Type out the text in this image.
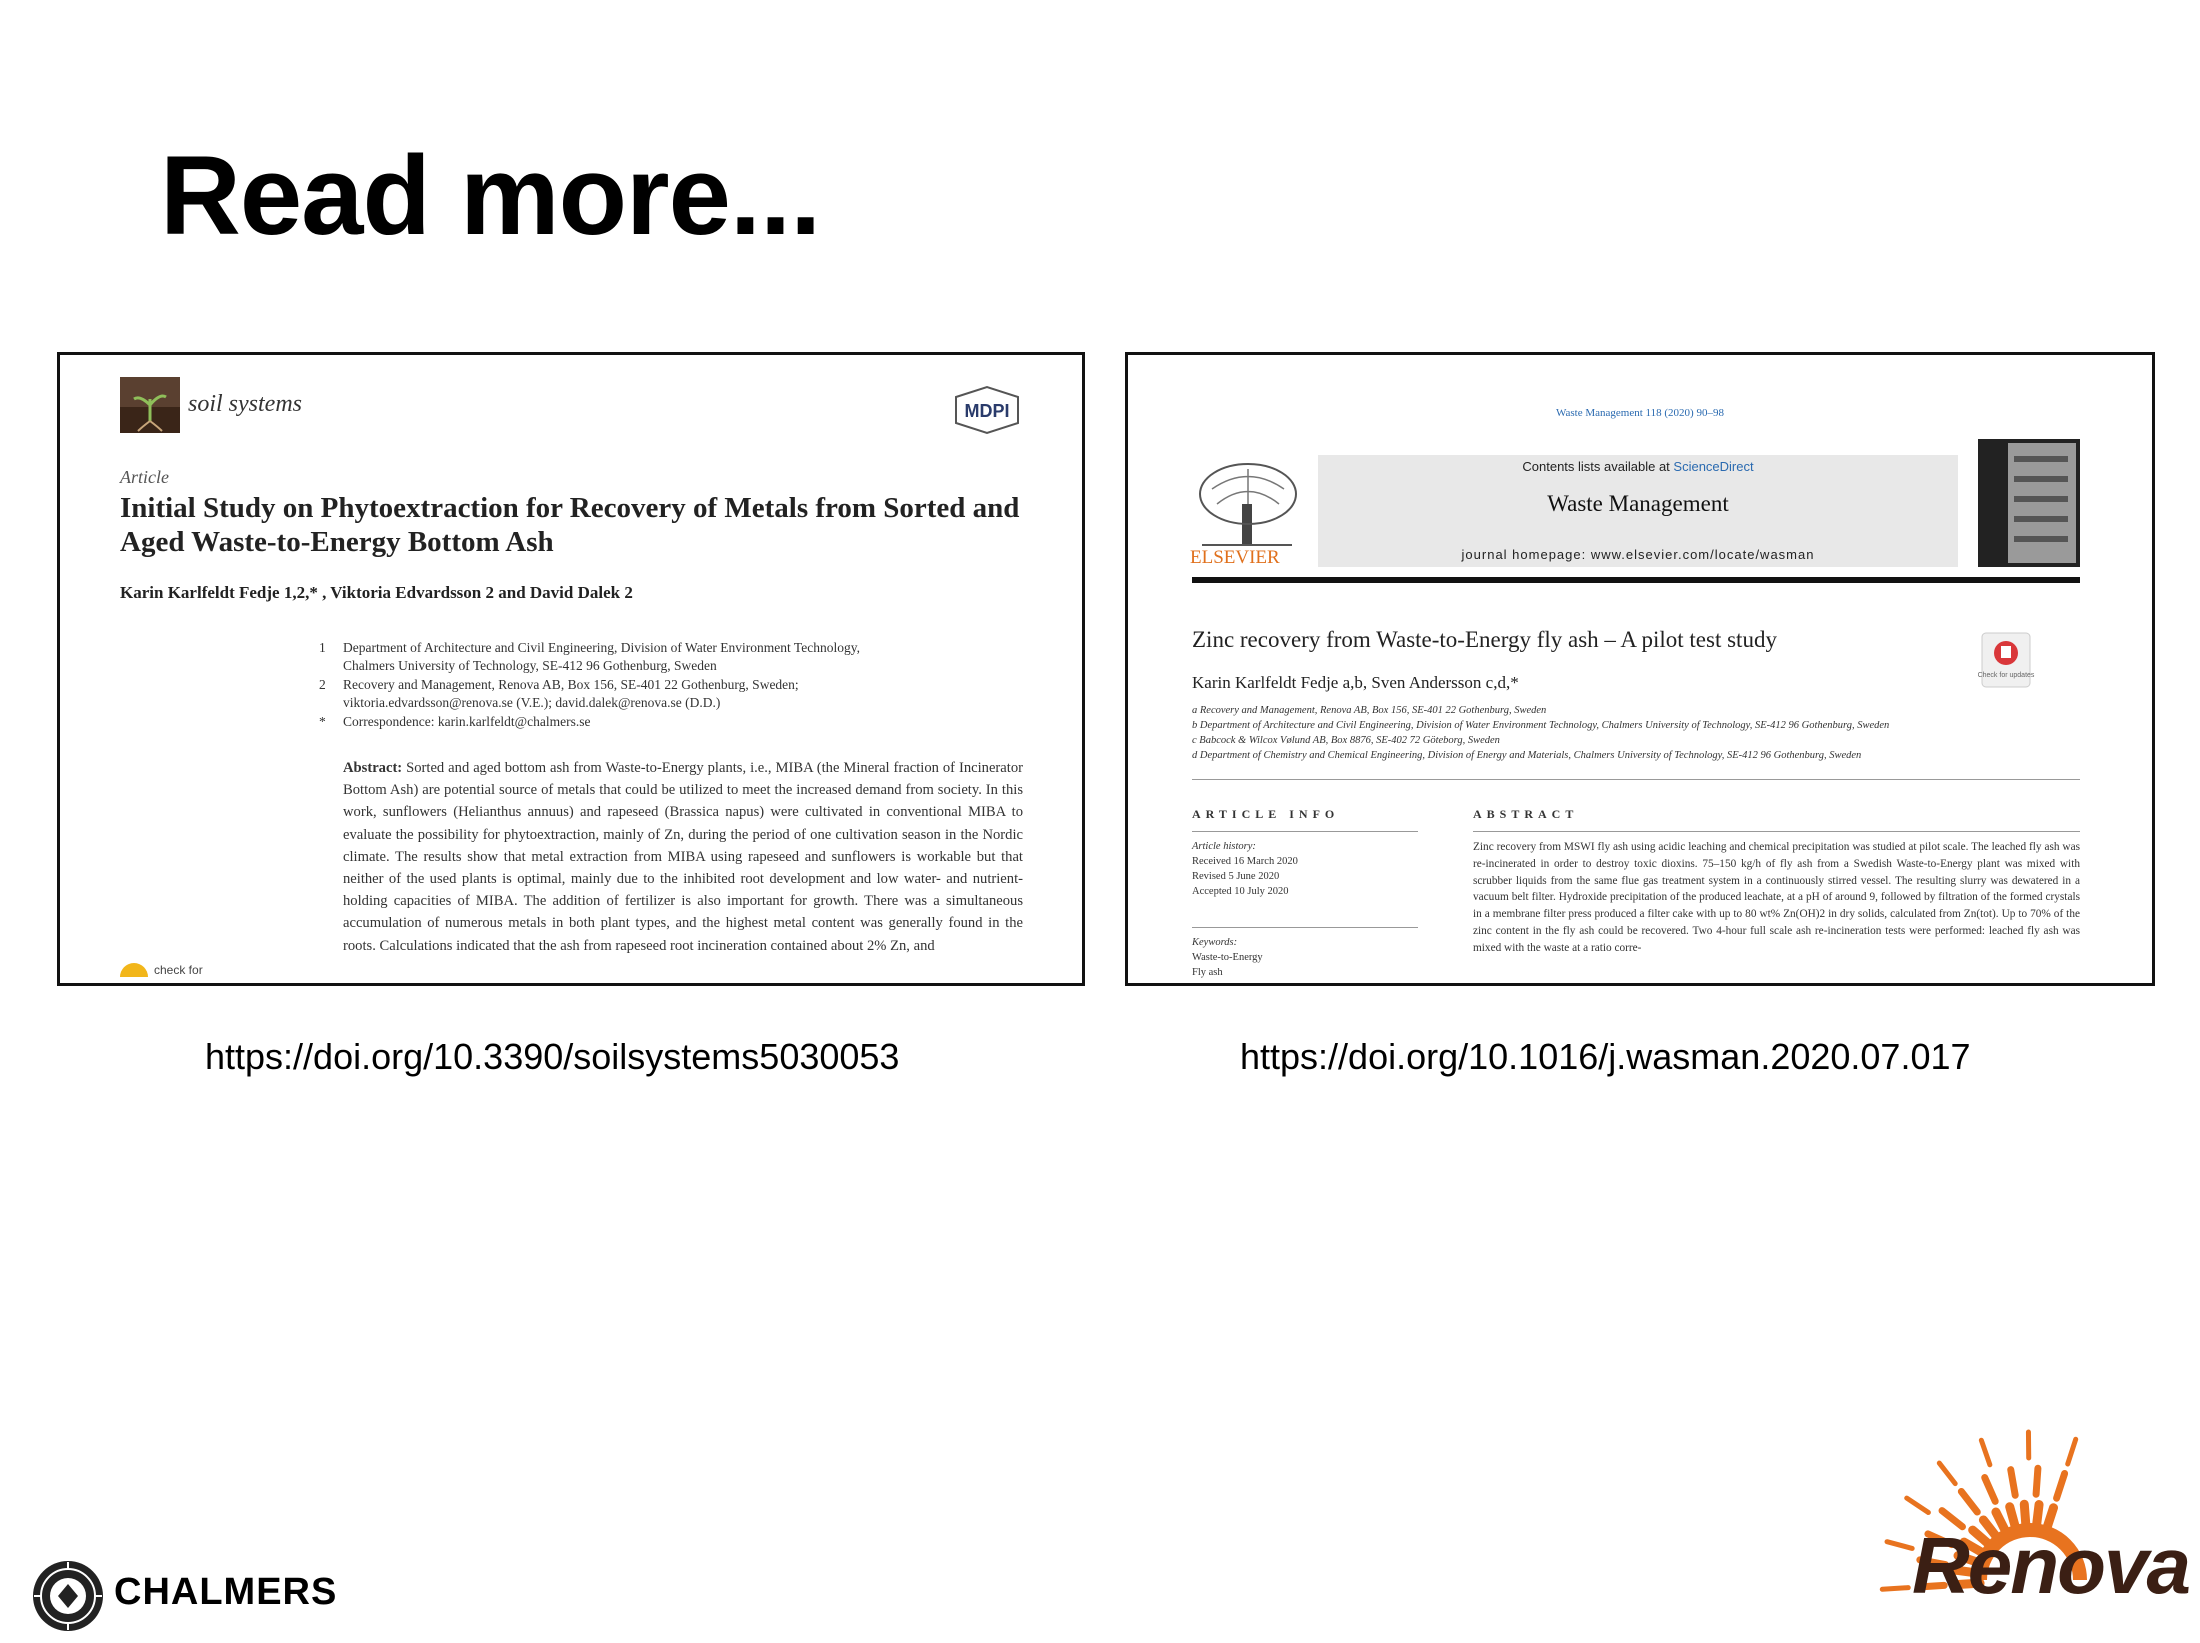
Read more...
soil systems	MDPI
Article
Initial Study on Phytoextraction for Recovery of Metals from Sorted and Aged Waste-to-Energy Bottom Ash
Karin Karlfeldt Fedje 1,2,* , Viktoria Edvardsson 2 and David Dalek 2
1 Department of Architecture and Civil Engineering, Division of Water Environment Technology,
Chalmers University of Technology, SE-412 96 Gothenburg, Sweden
2 Recovery and Management, Renova AB, Box 156, SE-401 22 Gothenburg, Sweden;
viktoria.edvardsson@renova.se (V.E.); david.dalek@renova.se (D.D.)
* Correspondence: karin.karlfeldt@chalmers.se
Abstract: Sorted and aged bottom ash from Waste-to-Energy plants, i.e., MIBA (the Mineral fraction of Incinerator Bottom Ash) are potential source of metals that could be utilized to meet the increased demand from society. In this work, sunflowers (Helianthus annuus) and rapeseed (Brassica napus) were cultivated in conventional MIBA to evaluate the possibility for phytoextraction, mainly of Zn, during the period of one cultivation season in the Nordic climate. The results show that metal extraction from MIBA using rapeseed and sunflowers is workable but that neither of the used plants is optimal, mainly due to the inhibited root development and low water- and nutrient-holding capacities of MIBA. The addition of fertilizer is also important for growth. There was a simultaneous accumulation of numerous metals in both plant types, and the highest metal content was generally found in the roots. Calculations indicated that the ash from rapeseed root incineration contained about 2% Zn, and
check for
Waste Management 118 (2020) 90–98
ELSEVIER
Contents lists available at ScienceDirect
Waste Management
journal homepage: www.elsevier.com/locate/wasman
Zinc recovery from Waste-to-Energy fly ash – A pilot test study
Check for updates
Karin Karlfeldt Fedje a,b, Sven Andersson c,d,*
a Recovery and Management, Renova AB, Box 156, SE-401 22 Gothenburg, Sweden
b Department of Architecture and Civil Engineering, Division of Water Environment Technology, Chalmers University of Technology, SE-412 96 Gothenburg, Sweden
c Babcock & Wilcox Vølund AB, Box 8876, SE-402 72 Göteborg, Sweden
d Department of Chemistry and Chemical Engineering, Division of Energy and Materials, Chalmers University of Technology, SE-412 96 Gothenburg, Sweden
ARTICLE INFO
Article history:
Received 16 March 2020
Revised 5 June 2020
Accepted 10 July 2020
Keywords:
Waste-to-Energy
Fly ash
ABSTRACT
Zinc recovery from MSWI fly ash using acidic leaching and chemical precipitation was studied at pilot scale. The leached fly ash was re-incinerated in order to destroy toxic dioxins. 75–150 kg/h of fly ash from a Swedish Waste-to-Energy plant was mixed with scrubber liquids from the same flue gas treatment system in a continuously stirred vessel. The resulting slurry was dewatered in a vacuum belt filter. Hydroxide precipitation of the produced leachate, at a pH of around 9, followed by filtration of the formed crystals in a membrane filter press produced a filter cake with up to 80 wt% Zn(OH)2 in dry solids, calculated from Zn(tot). Up to 70% of the zinc content in the fly ash could be recovered. Two 4-hour full scale ash re-incineration tests were performed: leached fly ash was mixed with the waste at a ratio corre-
https://doi.org/10.3390/soilsystems5030053	https://doi.org/10.1016/j.wasman.2020.07.017
CHALMERS	Renova
